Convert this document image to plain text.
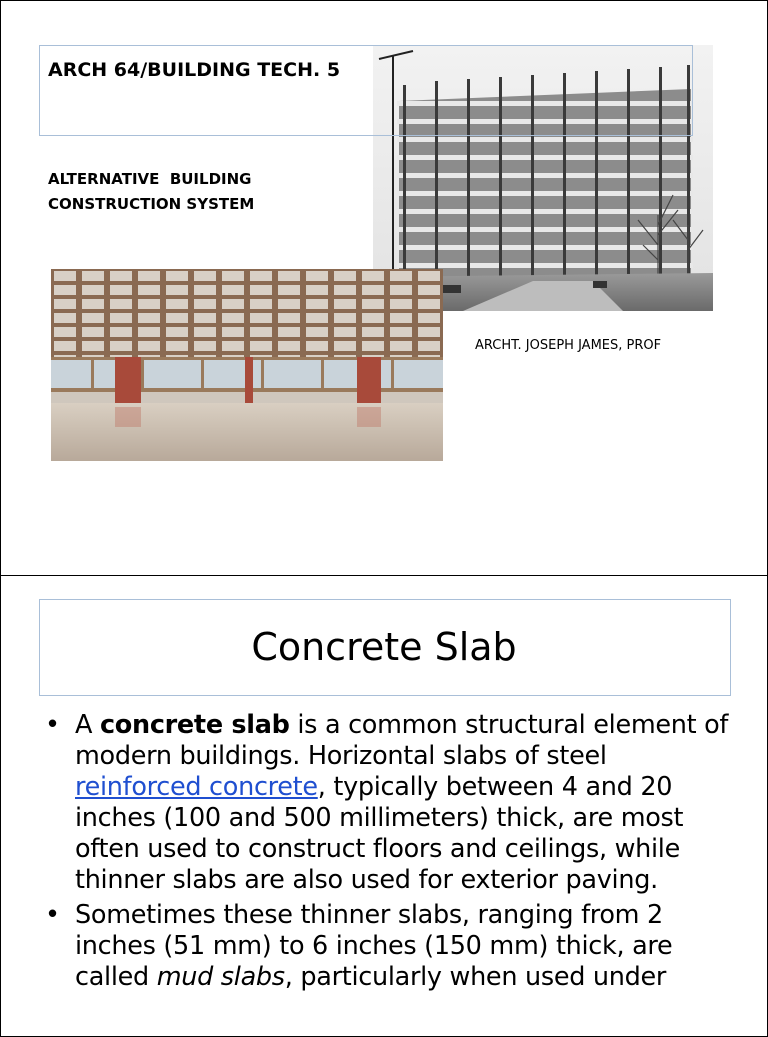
ARCH 64/BUILDING TECH. 5
ALTERNATIVE  BUILDING
CONSTRUCTION SYSTEM
ARCHT. JOSEPH JAMES, PROF
Concrete Slab
• A concrete slab is a common structural element of modern buildings. Horizontal slabs of steel reinforced concrete, typically between 4 and 20 inches (100 and 500 millimeters) thick, are most often used to construct floors and ceilings, while thinner slabs are also used for exterior paving.
• Sometimes these thinner slabs, ranging from 2 inches (51 mm) to 6 inches (150 mm) thick, are called mud slabs, particularly when used under
